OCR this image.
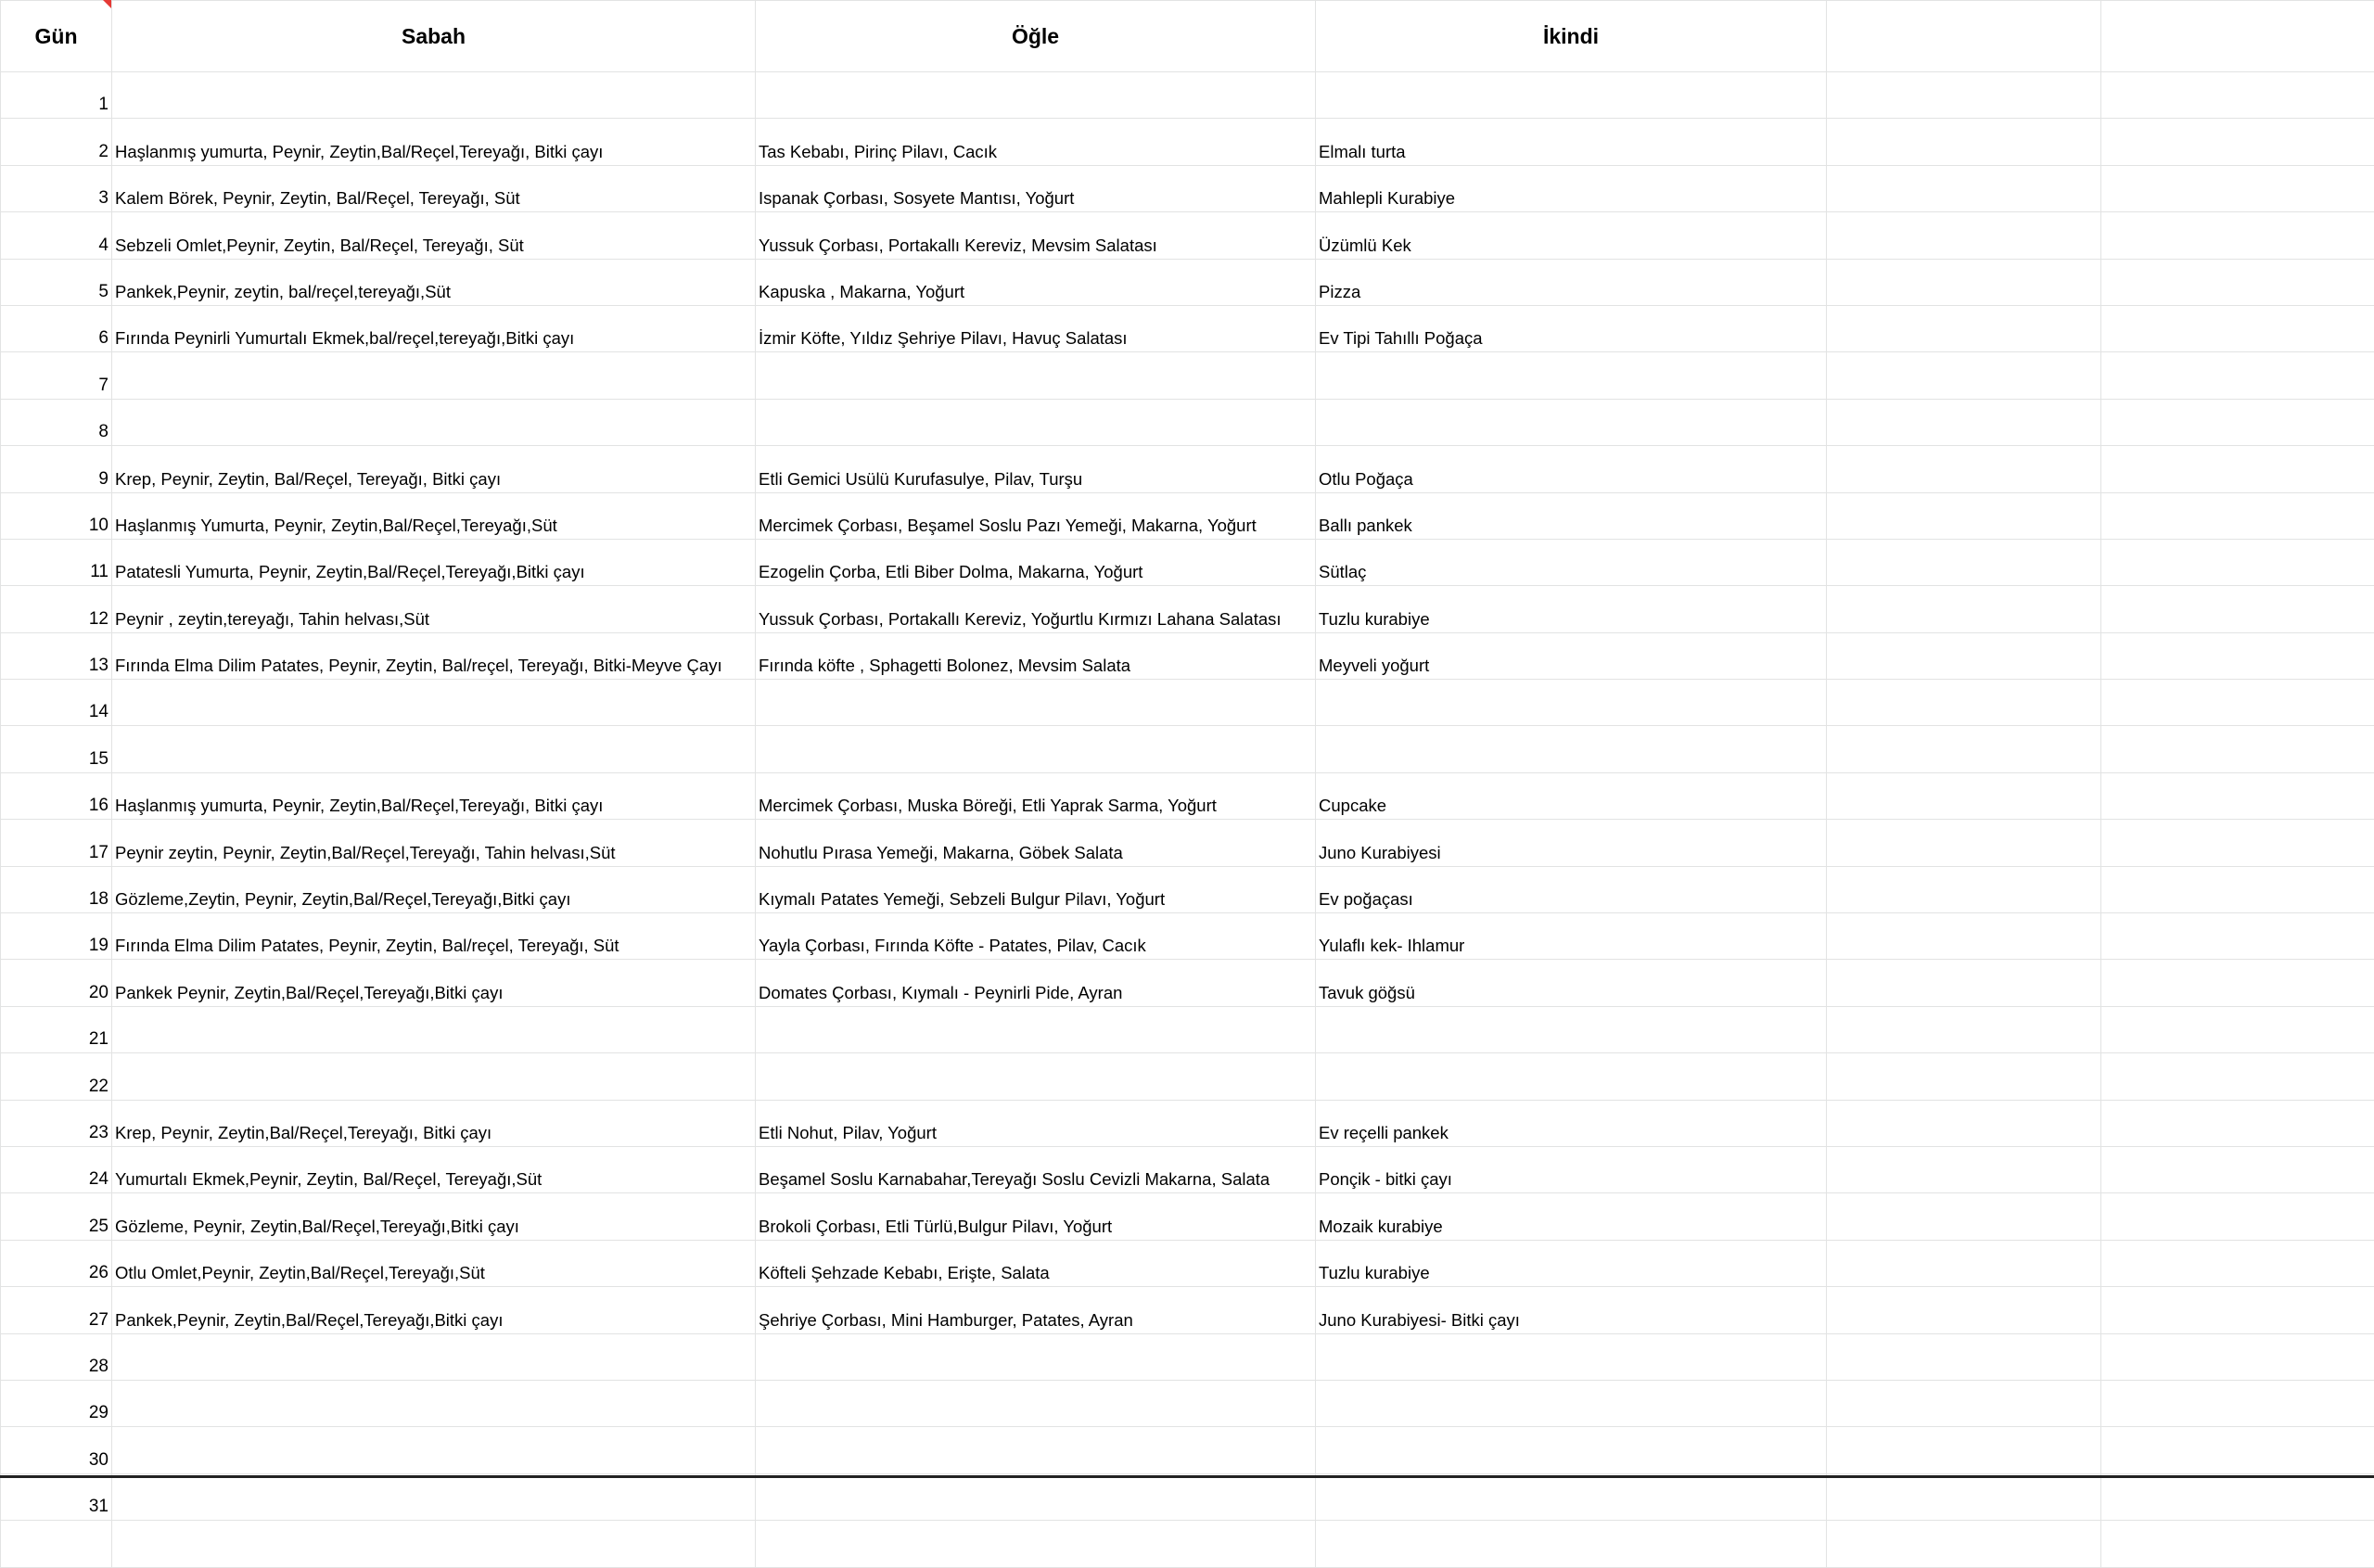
Gün	Sabah	Öğle	İkindi		
1					
2	Haşlanmış yumurta, Peynir, Zeytin,Bal/Reçel,Tereyağı, Bitki çayı	Tas Kebabı, Pirinç Pilavı, Cacık	Elmalı turta		
3	Kalem Börek, Peynir, Zeytin, Bal/Reçel, Tereyağı, Süt	Ispanak Çorbası, Sosyete Mantısı, Yoğurt	Mahlepli Kurabiye		
4	Sebzeli Omlet,Peynir, Zeytin, Bal/Reçel, Tereyağı, Süt	Yussuk Çorbası, Portakallı Kereviz, Mevsim Salatası	Üzümlü Kek		
5	Pankek,Peynir, zeytin, bal/reçel,tereyağı,Süt	Kapuska , Makarna, Yoğurt	Pizza		
6	Fırında Peynirli Yumurtalı Ekmek,bal/reçel,tereyağı,Bitki çayı	İzmir Köfte, Yıldız Şehriye Pilavı, Havuç Salatası	Ev Tipi Tahıllı Poğaça		
7					
8					
9	Krep, Peynir, Zeytin, Bal/Reçel, Tereyağı, Bitki çayı	Etli Gemici Usülü Kurufasulye, Pilav, Turşu	Otlu Poğaça		
10	Haşlanmış Yumurta, Peynir, Zeytin,Bal/Reçel,Tereyağı,Süt	Mercimek Çorbası, Beşamel Soslu Pazı Yemeği, Makarna, Yoğurt	Ballı pankek		
11	Patatesli Yumurta, Peynir, Zeytin,Bal/Reçel,Tereyağı,Bitki çayı	Ezogelin Çorba, Etli Biber Dolma, Makarna, Yoğurt	Sütlaç		
12	Peynir , zeytin,tereyağı, Tahin helvası,Süt	Yussuk Çorbası, Portakallı Kereviz, Yoğurtlu Kırmızı Lahana Salatası	Tuzlu kurabiye		
13	Fırında Elma Dilim Patates, Peynir, Zeytin, Bal/reçel, Tereyağı, Bitki-Meyve Çayı	Fırında köfte , Sphagetti Bolonez, Mevsim Salata	Meyveli yoğurt		
14					
15					
16	Haşlanmış yumurta, Peynir, Zeytin,Bal/Reçel,Tereyağı, Bitki çayı	Mercimek Çorbası, Muska Böreği, Etli Yaprak Sarma, Yoğurt	Cupcake		
17	Peynir zeytin, Peynir, Zeytin,Bal/Reçel,Tereyağı, Tahin helvası,Süt	Nohutlu Pırasa Yemeği, Makarna, Göbek Salata	Juno Kurabiyesi		
18	Gözleme,Zeytin, Peynir, Zeytin,Bal/Reçel,Tereyağı,Bitki çayı	Kıymalı Patates Yemeği, Sebzeli Bulgur Pilavı, Yoğurt	Ev poğaçası		
19	Fırında Elma Dilim Patates, Peynir, Zeytin, Bal/reçel, Tereyağı, Süt	Yayla Çorbası, Fırında Köfte - Patates, Pilav, Cacık	Yulaflı kek- Ihlamur		
20	Pankek Peynir, Zeytin,Bal/Reçel,Tereyağı,Bitki çayı	Domates Çorbası, Kıymalı - Peynirli Pide, Ayran	Tavuk göğsü		
21					
22					
23	Krep, Peynir, Zeytin,Bal/Reçel,Tereyağı, Bitki çayı	Etli Nohut, Pilav, Yoğurt	Ev reçelli pankek		
24	Yumurtalı Ekmek,Peynir, Zeytin, Bal/Reçel, Tereyağı,Süt	Beşamel Soslu Karnabahar,Tereyağı Soslu Cevizli Makarna, Salata	Ponçik - bitki çayı		
25	Gözleme, Peynir, Zeytin,Bal/Reçel,Tereyağı,Bitki çayı	Brokoli Çorbası, Etli Türlü,Bulgur Pilavı, Yoğurt	Mozaik kurabiye		
26	Otlu Omlet,Peynir, Zeytin,Bal/Reçel,Tereyağı,Süt	Köfteli Şehzade Kebabı, Erişte, Salata	Tuzlu kurabiye		
27	Pankek,Peynir, Zeytin,Bal/Reçel,Tereyağı,Bitki çayı	Şehriye Çorbası, Mini Hamburger, Patates, Ayran	Juno Kurabiyesi- Bitki çayı		
28					
29					
30					
31					
